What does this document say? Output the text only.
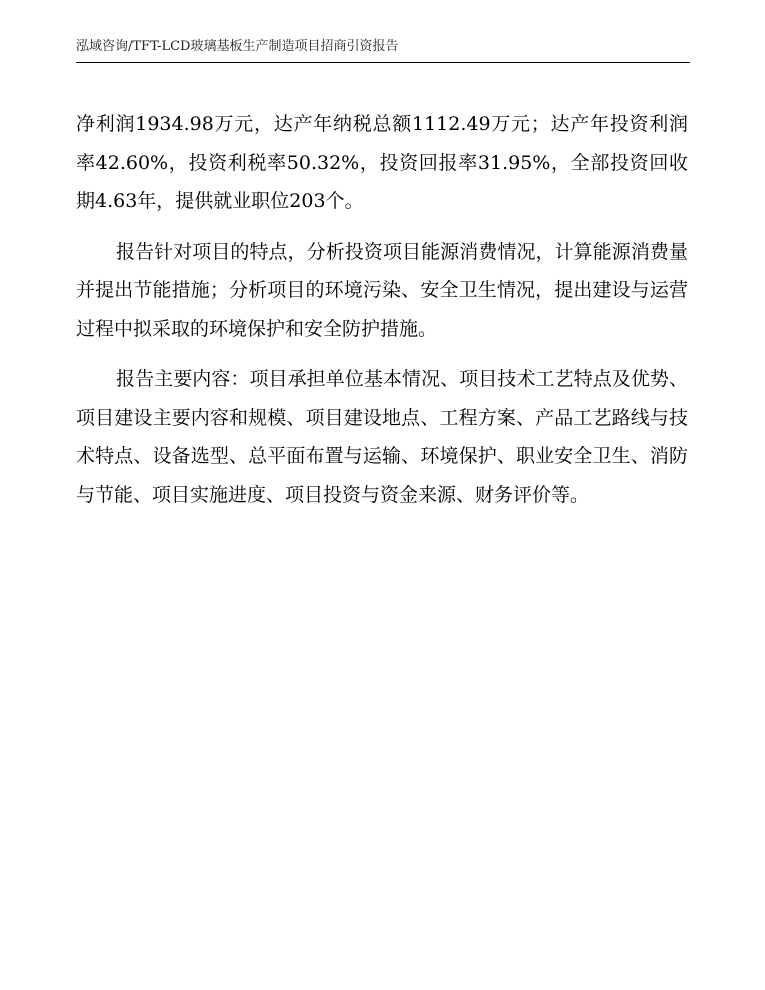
泓域咨询/TFT-LCD玻璃基板生产制造项目招商引资报告

净利润1934.98万元，达产年纳税总额1112.49万元；达产年投资利润率42.60%，投资利税率50.32%，投资回报率31.95%，全部投资回收期4.63年，提供就业职位203个。

报告针对项目的特点，分析投资项目能源消费情况，计算能源消费量并提出节能措施；分析项目的环境污染、安全卫生情况，提出建设与运营过程中拟采取的环境保护和安全防护措施。

报告主要内容：项目承担单位基本情况、项目技术工艺特点及优势、项目建设主要内容和规模、项目建设地点、工程方案、产品工艺路线与技术特点、设备选型、总平面布置与运输、环境保护、职业安全卫生、消防与节能、项目实施进度、项目投资与资金来源、财务评价等。
